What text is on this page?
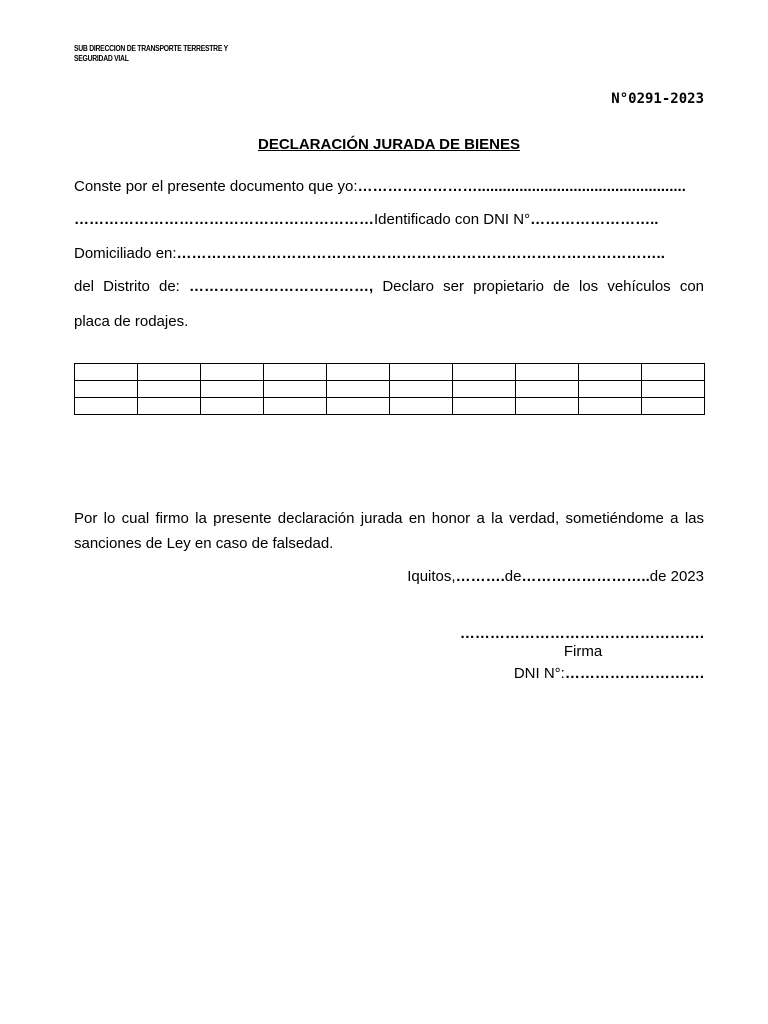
SUB DIRECCION DE TRANSPORTE TERRESTRE Y
SEGURIDAD VIAL
N°0291-2023
DECLARACIÓN JURADA DE BIENES
Conste por el presente documento que yo:……………………..................................................
……………………………………………………Identificado con DNI N°……………………..
Domiciliado en:……………………………………………………………………………………..
del Distrito de: ………………………………, Declaro ser propietario de los vehículos con
placa de rodajes.

Por lo cual firmo la presente declaración jurada en honor a la verdad, sometiéndome a las
sanciones de Ley en caso de falsedad.
Iquitos,……….de……………………..de 2023
………………………………………….
Firma
DNI N°:……………………….
